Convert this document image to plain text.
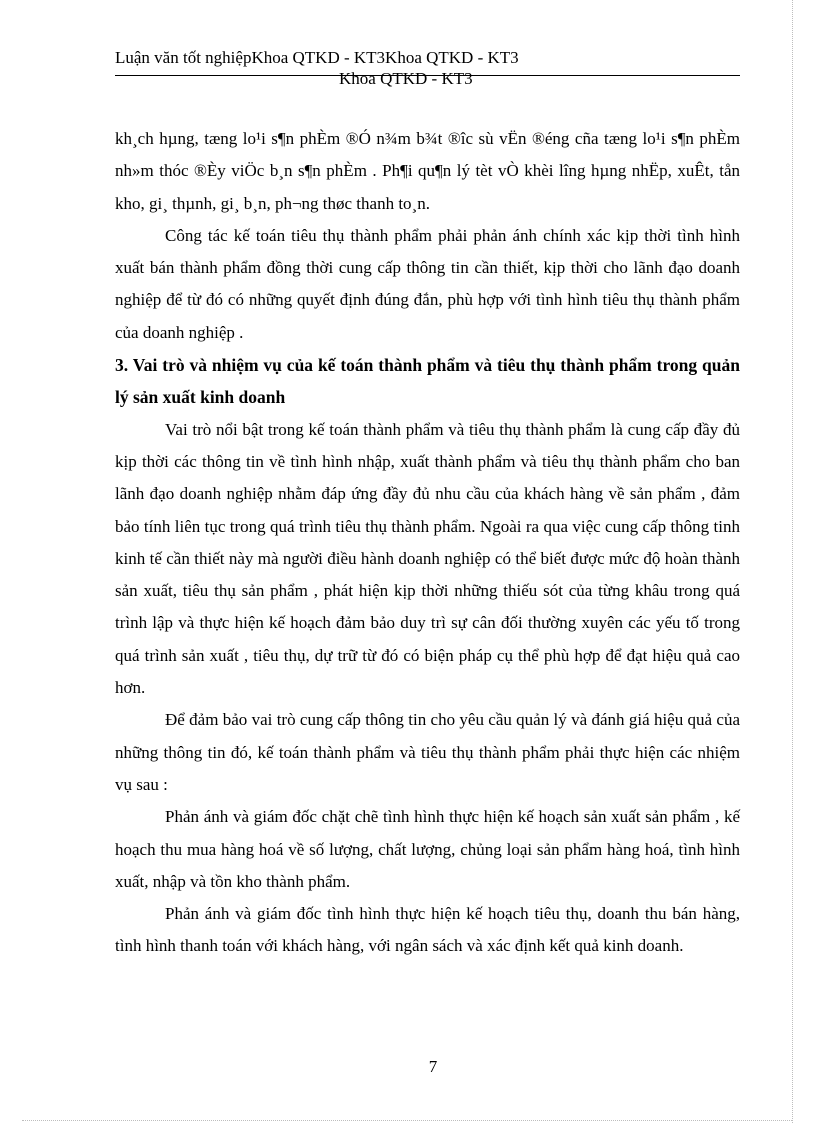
Luận văn tốt nghiệpKhoa QTKD - KT3Khoa QTKD - KT3
Khoa QTKD - KT3

kh¸ch hµng, tæng lo¹i s¶n phÈm ®Ó n¾m b¾t ®îc sù vËn ®éng cña tæng lo¹i s¶n phÈm nh»m thóc ®Èy viÖc b¸n s¶n phÈm . Ph¶i qu¶n lý tèt vÒ khèi lîng hµng nhËp, xuÊt, tån kho, gi¸ thµnh, gi¸ b¸n, ph¬ng thøc thanh to¸n.

Công tác kế toán tiêu thụ thành phẩm phải phản ánh chính xác kịp thời tình hình xuất bán thành phẩm đồng thời cung cấp thông tin cần thiết, kịp thời cho lãnh đạo doanh nghiệp để từ đó có những quyết định đúng đắn, phù hợp với tình hình tiêu thụ thành phẩm của doanh nghiệp .

3. Vai trò và nhiệm vụ của kế toán thành phẩm và tiêu thụ thành phẩm trong quản lý sản xuất kinh doanh

Vai trò nổi bật trong kế toán thành phẩm và tiêu thụ thành phẩm là cung cấp đầy đủ kịp thời các thông tin về tình hình nhập, xuất thành phẩm và tiêu thụ thành phẩm cho ban lãnh đạo doanh nghiệp nhằm đáp ứng đầy đủ nhu cầu của khách hàng về sản phẩm , đảm bảo tính liên tục trong quá trình tiêu thụ thành phẩm. Ngoài ra qua việc cung cấp thông tinh kinh tế cần thiết này mà người điều hành doanh nghiệp có thể biết được mức độ hoàn thành sản xuất, tiêu thụ sản phẩm , phát hiện kịp thời những thiếu sót của từng khâu trong quá trình lập và thực hiện kế hoạch đảm bảo duy trì sự cân đối thường xuyên các yếu tố trong quá trình sản xuất , tiêu thụ, dự trữ từ đó có biện pháp cụ thể phù hợp để đạt hiệu quả cao hơn.

Để đảm bảo vai trò cung cấp thông tin cho yêu cầu quản lý và đánh giá hiệu quả của những thông tin đó, kế toán thành phẩm và tiêu thụ thành phẩm phải thực hiện các nhiệm vụ sau :

Phản ánh và giám đốc chặt chẽ tình hình thực hiện kế hoạch sản xuất sản phẩm , kế hoạch thu mua hàng hoá về số lượng, chất lượng, chủng loại sản phẩm hàng hoá, tình hình xuất, nhập và tồn kho thành phẩm.

Phản ánh và giám đốc tình hình thực hiện kế hoạch tiêu thụ, doanh thu bán hàng, tình hình thanh toán với khách hàng, với ngân sách và xác định kết quả kinh doanh.

7
